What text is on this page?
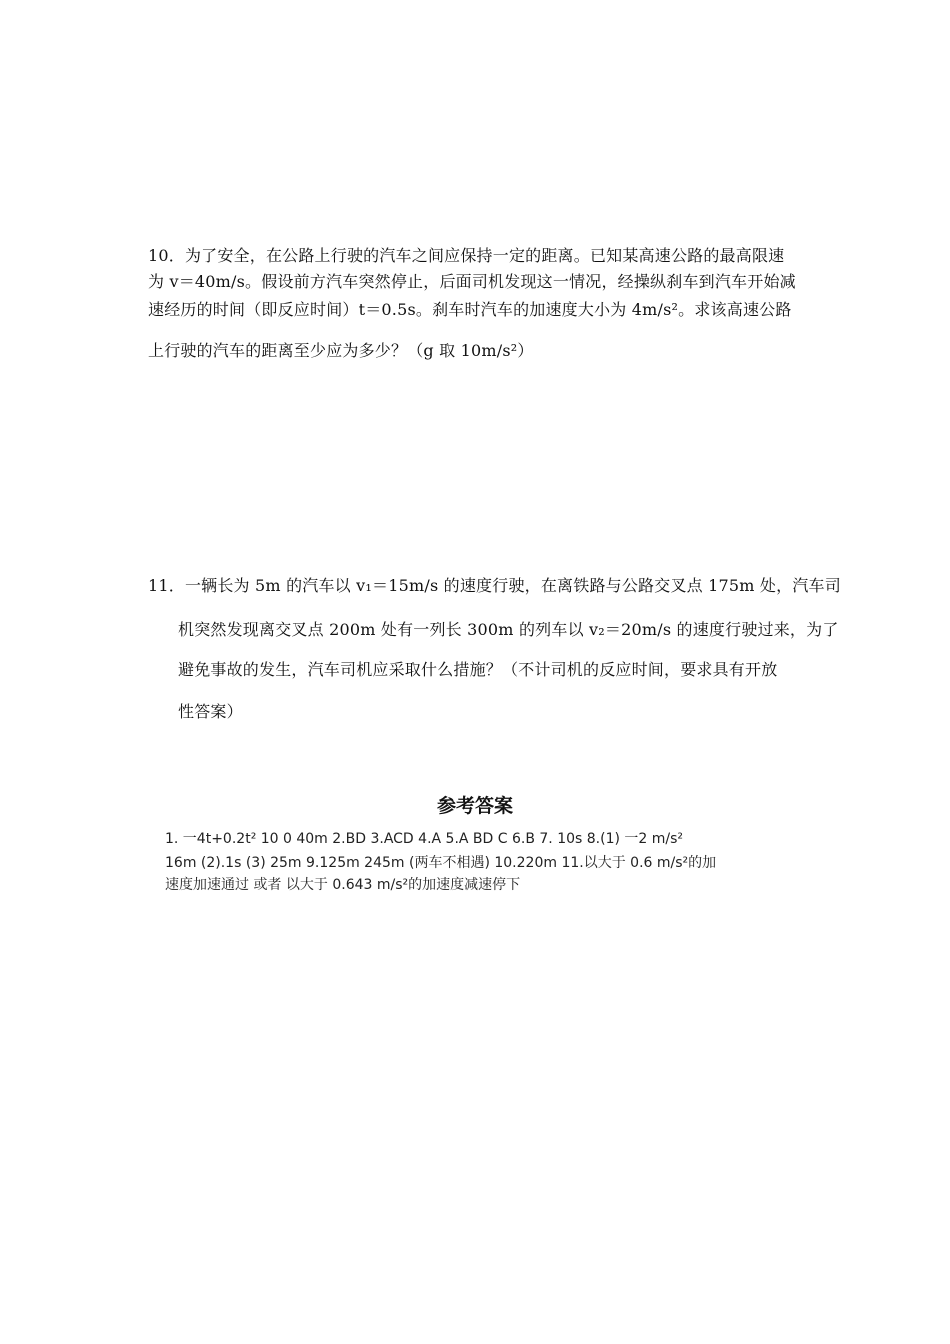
10．为了安全，在公路上行驶的汽车之间应保持一定的距离。已知某高速公路的最高限速
为 v＝40m/s。假设前方汽车突然停止，后面司机发现这一情况，经操纵刹车到汽车开始减
速经历的时间（即反应时间）t＝0.5s。刹车时汽车的加速度大小为 4m/s²。求该高速公路
上行驶的汽车的距离至少应为多少？（g 取 10m/s²）
11．一辆长为 5m 的汽车以 v₁＝15m/s 的速度行驶，在离铁路与公路交叉点 175m 处，汽车司
机突然发现离交叉点 200m 处有一列长 300m 的列车以 v₂＝20m/s 的速度行驶过来，为了
避免事故的发生，汽车司机应采取什么措施？（不计司机的反应时间，要求具有开放
性答案）
参考答案
1. 一4t+0.2t² 10 0 40m 2.BD 3.ACD 4.A 5.A BD C 6.B 7. 10s 8.(1) 一2 m/s²
16m (2).1s (3) 25m 9.125m 245m (两车不相遇) 10.220m 11.以大于 0.6 m/s²的加
速度加速通过 或者 以大于 0.643 m/s²的加速度减速停下
